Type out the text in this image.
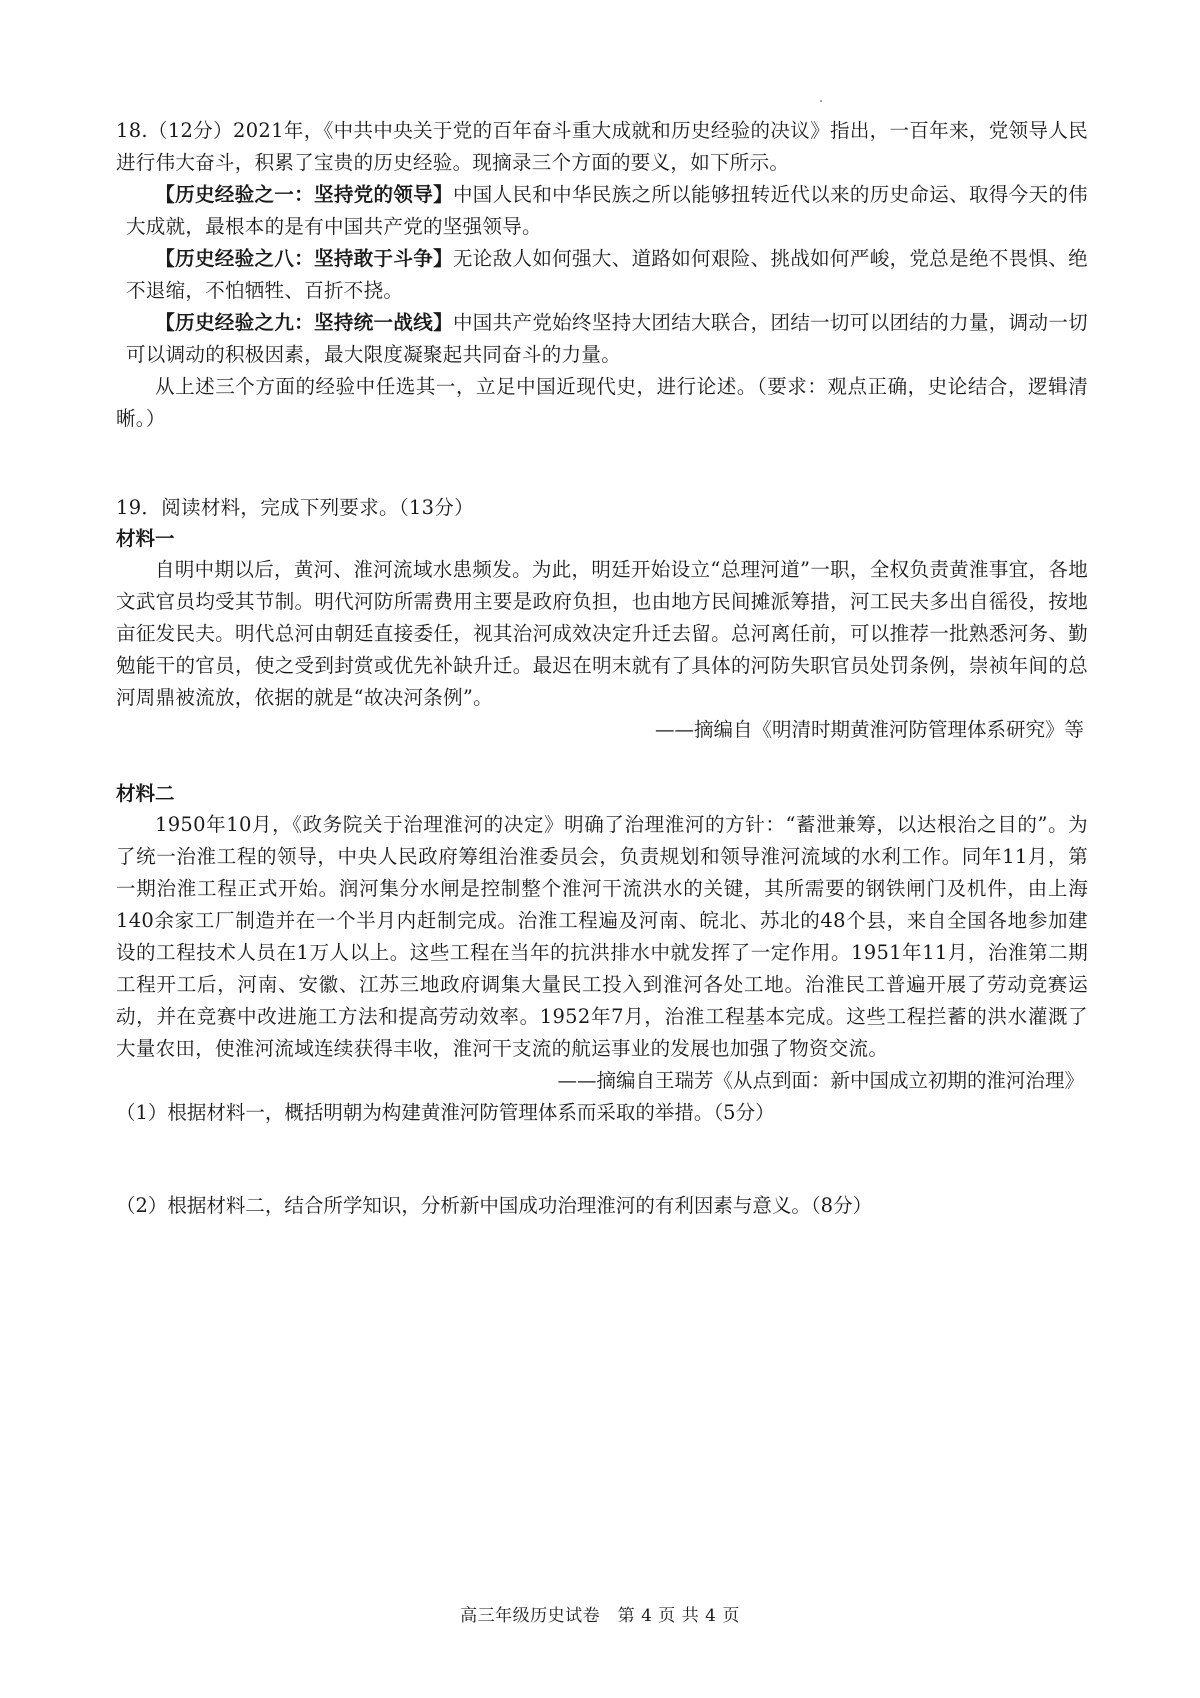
18.（12分）2021年，《中共中央关于党的百年奋斗重大成就和历史经验的决议》指出，一百年来，党领导人民进行伟大奋斗，积累了宝贵的历史经验。现摘录三个方面的要义，如下所示。

【历史经验之一：坚持党的领导】中国人民和中华民族之所以能够扭转近代以来的历史命运、取得今天的伟大成就，最根本的是有中国共产党的坚强领导。

【历史经验之八：坚持敢于斗争】无论敌人如何强大、道路如何艰险、挑战如何严峻，党总是绝不畏惧、绝不退缩，不怕牺牲、百折不挠。

【历史经验之九：坚持统一战线】中国共产党始终坚持大团结大联合，团结一切可以团结的力量，调动一切可以调动的积极因素，最大限度凝聚起共同奋斗的力量。

从上述三个方面的经验中任选其一，立足中国近现代史，进行论述。（要求：观点正确，史论结合，逻辑清晰。）

19．阅读材料，完成下列要求。（13分）

材料一

自明中期以后，黄河、淮河流域水患频发。为此，明廷开始设立“总理河道”一职，全权负责黄淮事宜，各地文武官员均受其节制。明代河防所需费用主要是政府负担，也由地方民间摊派筹措，河工民夫多出自徭役，按地亩征发民夫。明代总河由朝廷直接委任，视其治河成效决定升迁去留。总河离任前，可以推荐一批熟悉河务、勤勉能干的官员，使之受到封赏或优先补缺升迁。最迟在明末就有了具体的河防失职官员处罚条例，崇祯年间的总河周鼎被流放，依据的就是“故决河条例”。

——摘编自《明清时期黄淮河防管理体系研究》等

材料二

1950年10月，《政务院关于治理淮河的决定》明确了治理淮河的方针：“蓄泄兼筹，以达根治之目的”。为了统一治淮工程的领导，中央人民政府筹组治淮委员会，负责规划和领导淮河流域的水利工作。同年11月，第一期治淮工程正式开始。润河集分水闸是控制整个淮河干流洪水的关键，其所需要的钢铁闸门及机件，由上海140余家工厂制造并在一个半月内赶制完成。治淮工程遍及河南、皖北、苏北的48个县，来自全国各地参加建设的工程技术人员在1万人以上。这些工程在当年的抗洪排水中就发挥了一定作用。1951年11月，治淮第二期工程开工后，河南、安徽、江苏三地政府调集大量民工投入到淮河各处工地。治淮民工普遍开展了劳动竞赛运动，并在竞赛中改进施工方法和提高劳动效率。1952年7月，治淮工程基本完成。这些工程拦蓄的洪水灌溉了大量农田，使淮河流域连续获得丰收，淮河干支流的航运事业的发展也加强了物资交流。

——摘编自王瑞芳《从点到面：新中国成立初期的淮河治理》

（1）根据材料一，概括明朝为构建黄淮河防管理体系而采取的举措。（5分）

（2）根据材料二，结合所学知识，分析新中国成功治理淮河的有利因素与意义。（8分）

高三年级历史试卷　第 4 页 共 4 页
